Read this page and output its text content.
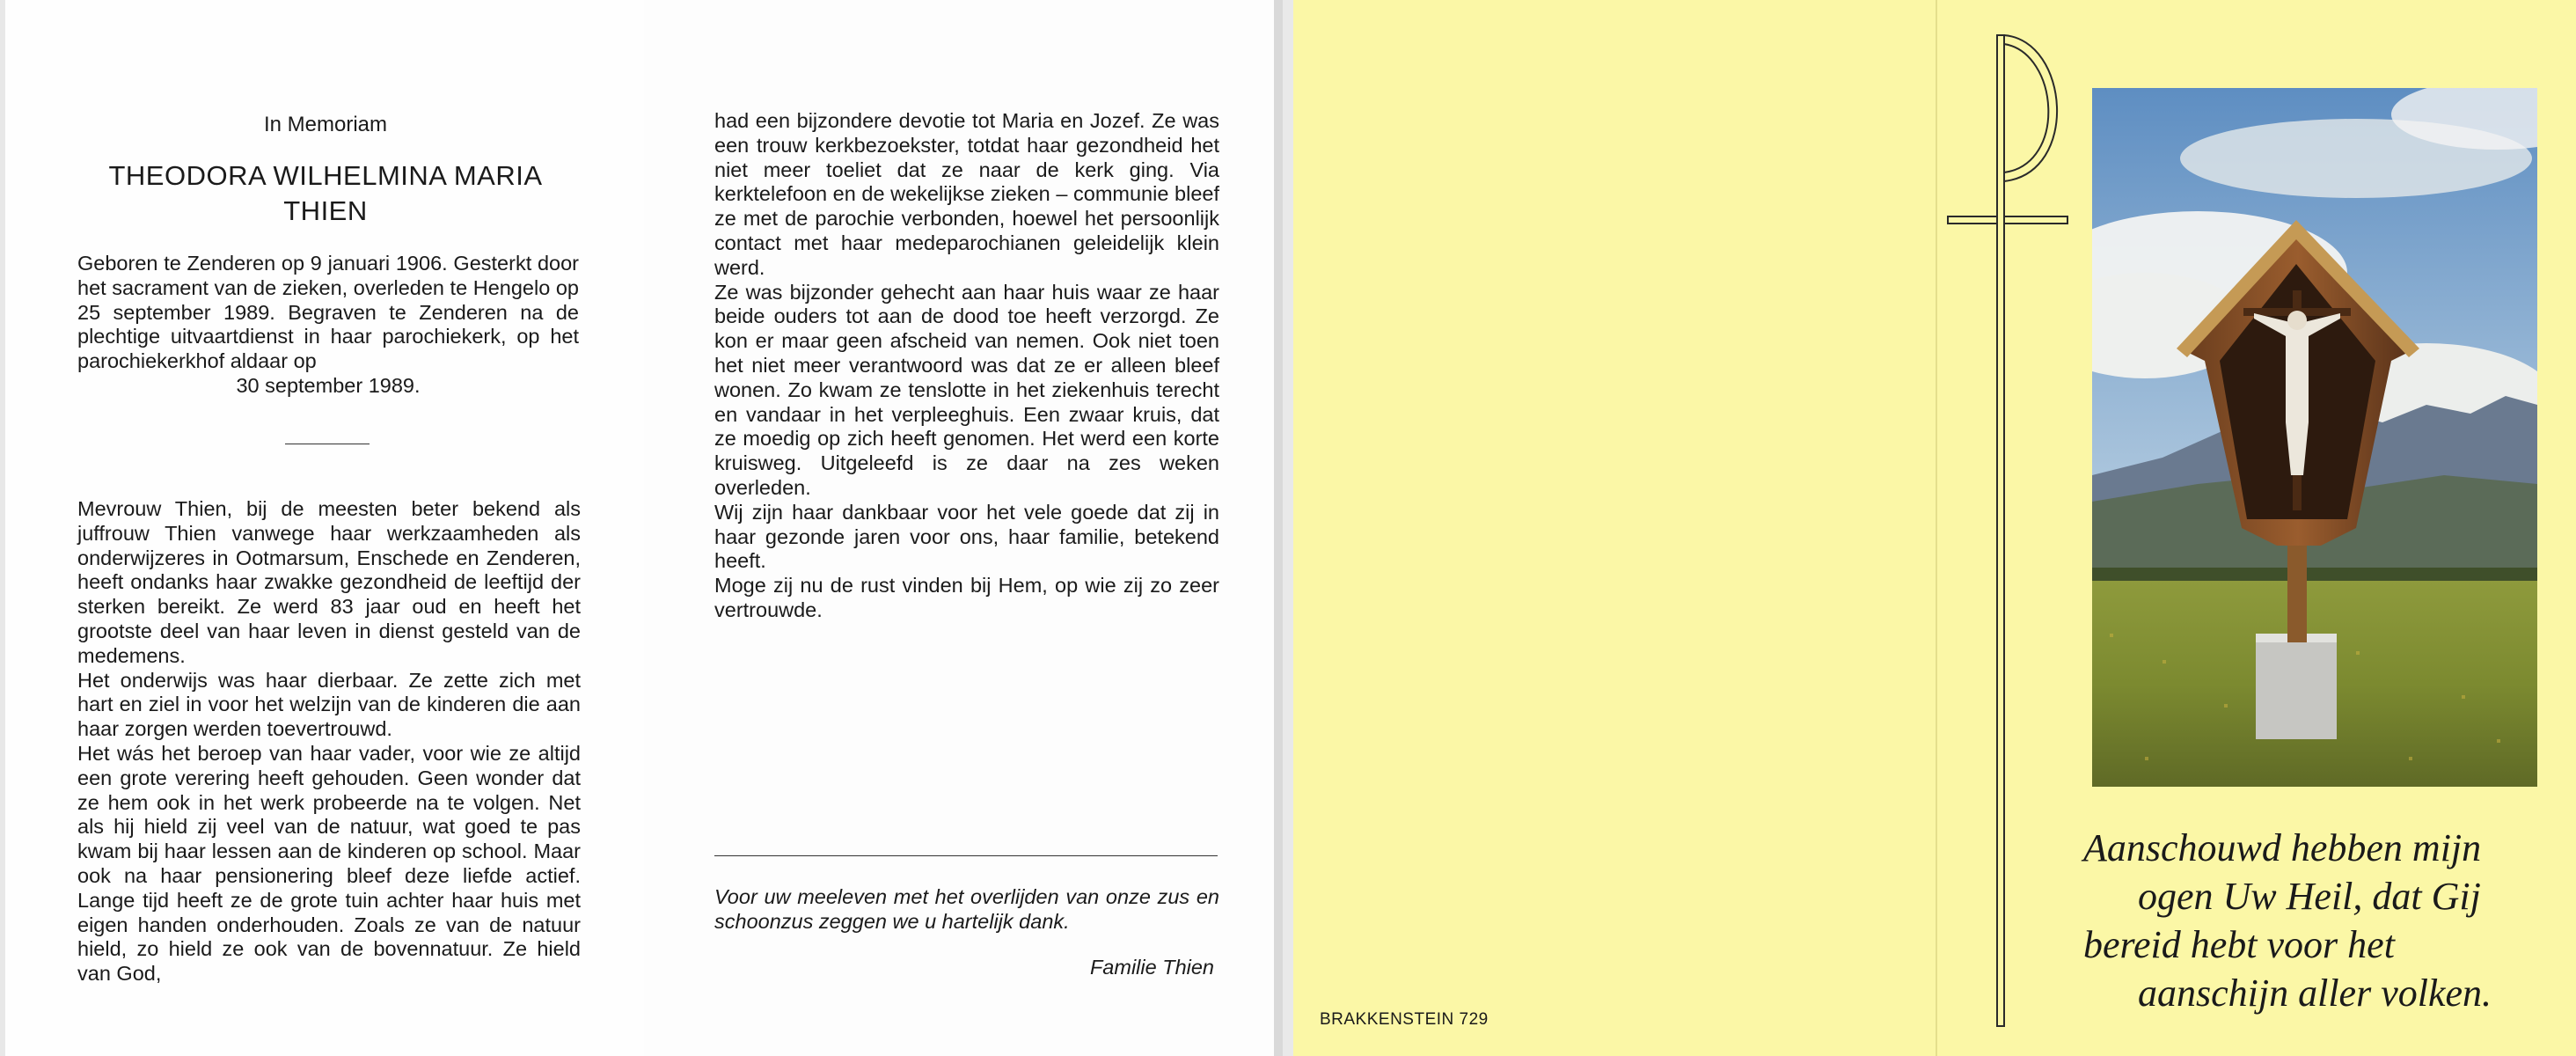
In Memoriam
THEODORA WILHELMINA MARIA
THIEN
Geboren te Zenderen op 9 januari 1906. Gesterkt door het sacrament van de zieken, overleden te Hengelo op 25 september 1989. Begraven te Zenderen na de plechtige uitvaartdienst in haar parochiekerk, op het parochiekerkhof aldaar op
30 september 1989.

Mevrouw Thien, bij de meesten beter bekend als juffrouw Thien vanwege haar werkzaamheden als onderwijzeres in Ootmarsum, Enschede en Zenderen, heeft ondanks haar zwakke gezondheid de leeftijd der sterken bereikt. Ze werd 83 jaar oud en heeft het grootste deel van haar leven in dienst gesteld van de medemens.

Het onderwijs was haar dierbaar. Ze zette zich met hart en ziel in voor het welzijn van de kinderen die aan haar zorgen werden toevertrouwd.

Het wás het beroep van haar vader, voor wie ze altijd een grote verering heeft gehouden. Geen wonder dat ze hem ook in het werk probeerde na te volgen. Net als hij hield zij veel van de natuur, wat goed te pas kwam bij haar lessen aan de kinderen op school. Maar ook na haar pensionering bleef deze liefde actief. Lange tijd heeft ze de grote tuin achter haar huis met eigen handen onderhouden. Zoals ze van de natuur hield, zo hield ze ook van de bovennatuur. Ze hield van God,

had een bijzondere devotie tot Maria en Jozef. Ze was een trouw kerkbezoekster, totdat haar gezondheid het niet meer toeliet dat ze naar de kerk ging. Via kerktelefoon en de wekelijkse zieken – communie bleef ze met de parochie verbonden, hoewel het persoonlijk contact met haar medeparochianen geleidelijk klein werd.

Ze was bijzonder gehecht aan haar huis waar ze haar beide ouders tot aan de dood toe heeft verzorgd. Ze kon er maar geen afscheid van nemen. Ook niet toen het niet meer verantwoord was dat ze er alleen bleef wonen. Zo kwam ze tenslotte in het ziekenhuis terecht en vandaar in het verpleeghuis. Een zwaar kruis, dat ze moedig op zich heeft genomen. Het werd een korte kruisweg. Uitgeleefd is ze daar na zes weken overleden.

Wij zijn haar dankbaar voor het vele goede dat zij in haar gezonde jaren voor ons, haar familie, betekend heeft.

Moge zij nu de rust vinden bij Hem, op wie zij zo zeer vertrouwde.

Voor uw meeleven met het overlijden van onze zus en schoonzus zeggen we u hartelijk dank.
Familie Thien
BRAKKENSTEIN 729
Aanschouwd hebben mijn
ogen Uw Heil, dat Gij
bereid hebt voor het
aanschijn aller volken.
